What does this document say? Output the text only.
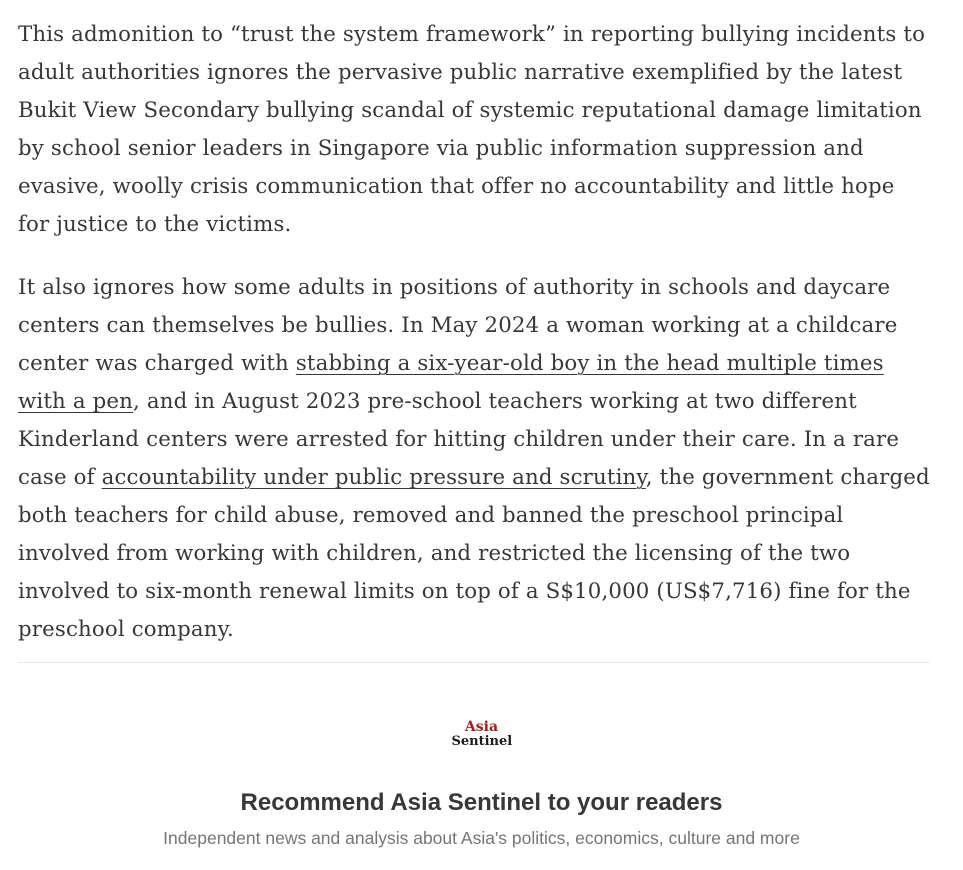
This admonition to “trust the system framework” in reporting bullying incidents to adult authorities ignores the pervasive public narrative exemplified by the latest Bukit View Secondary bullying scandal of systemic reputational damage limitation by school senior leaders in Singapore via public information suppression and evasive, woolly crisis communication that offer no accountability and little hope for justice to the victims.

It also ignores how some adults in positions of authority in schools and daycare centers can themselves be bullies. In May 2024 a woman working at a childcare center was charged with stabbing a six-year-old boy in the head multiple times with a pen, and in August 2023 pre-school teachers working at two different Kinderland centers were arrested for hitting children under their care. In a rare case of accountability under public pressure and scrutiny, the government charged both teachers for child abuse, removed and banned the preschool principal involved from working with children, and restricted the licensing of the two involved to six-month renewal limits on top of a S$10,000 (US$7,716) fine for the preschool company.

Asia
Sentinel
Recommend Asia Sentinel to your readers
Independent news and analysis about Asia's politics, economics, culture and more
